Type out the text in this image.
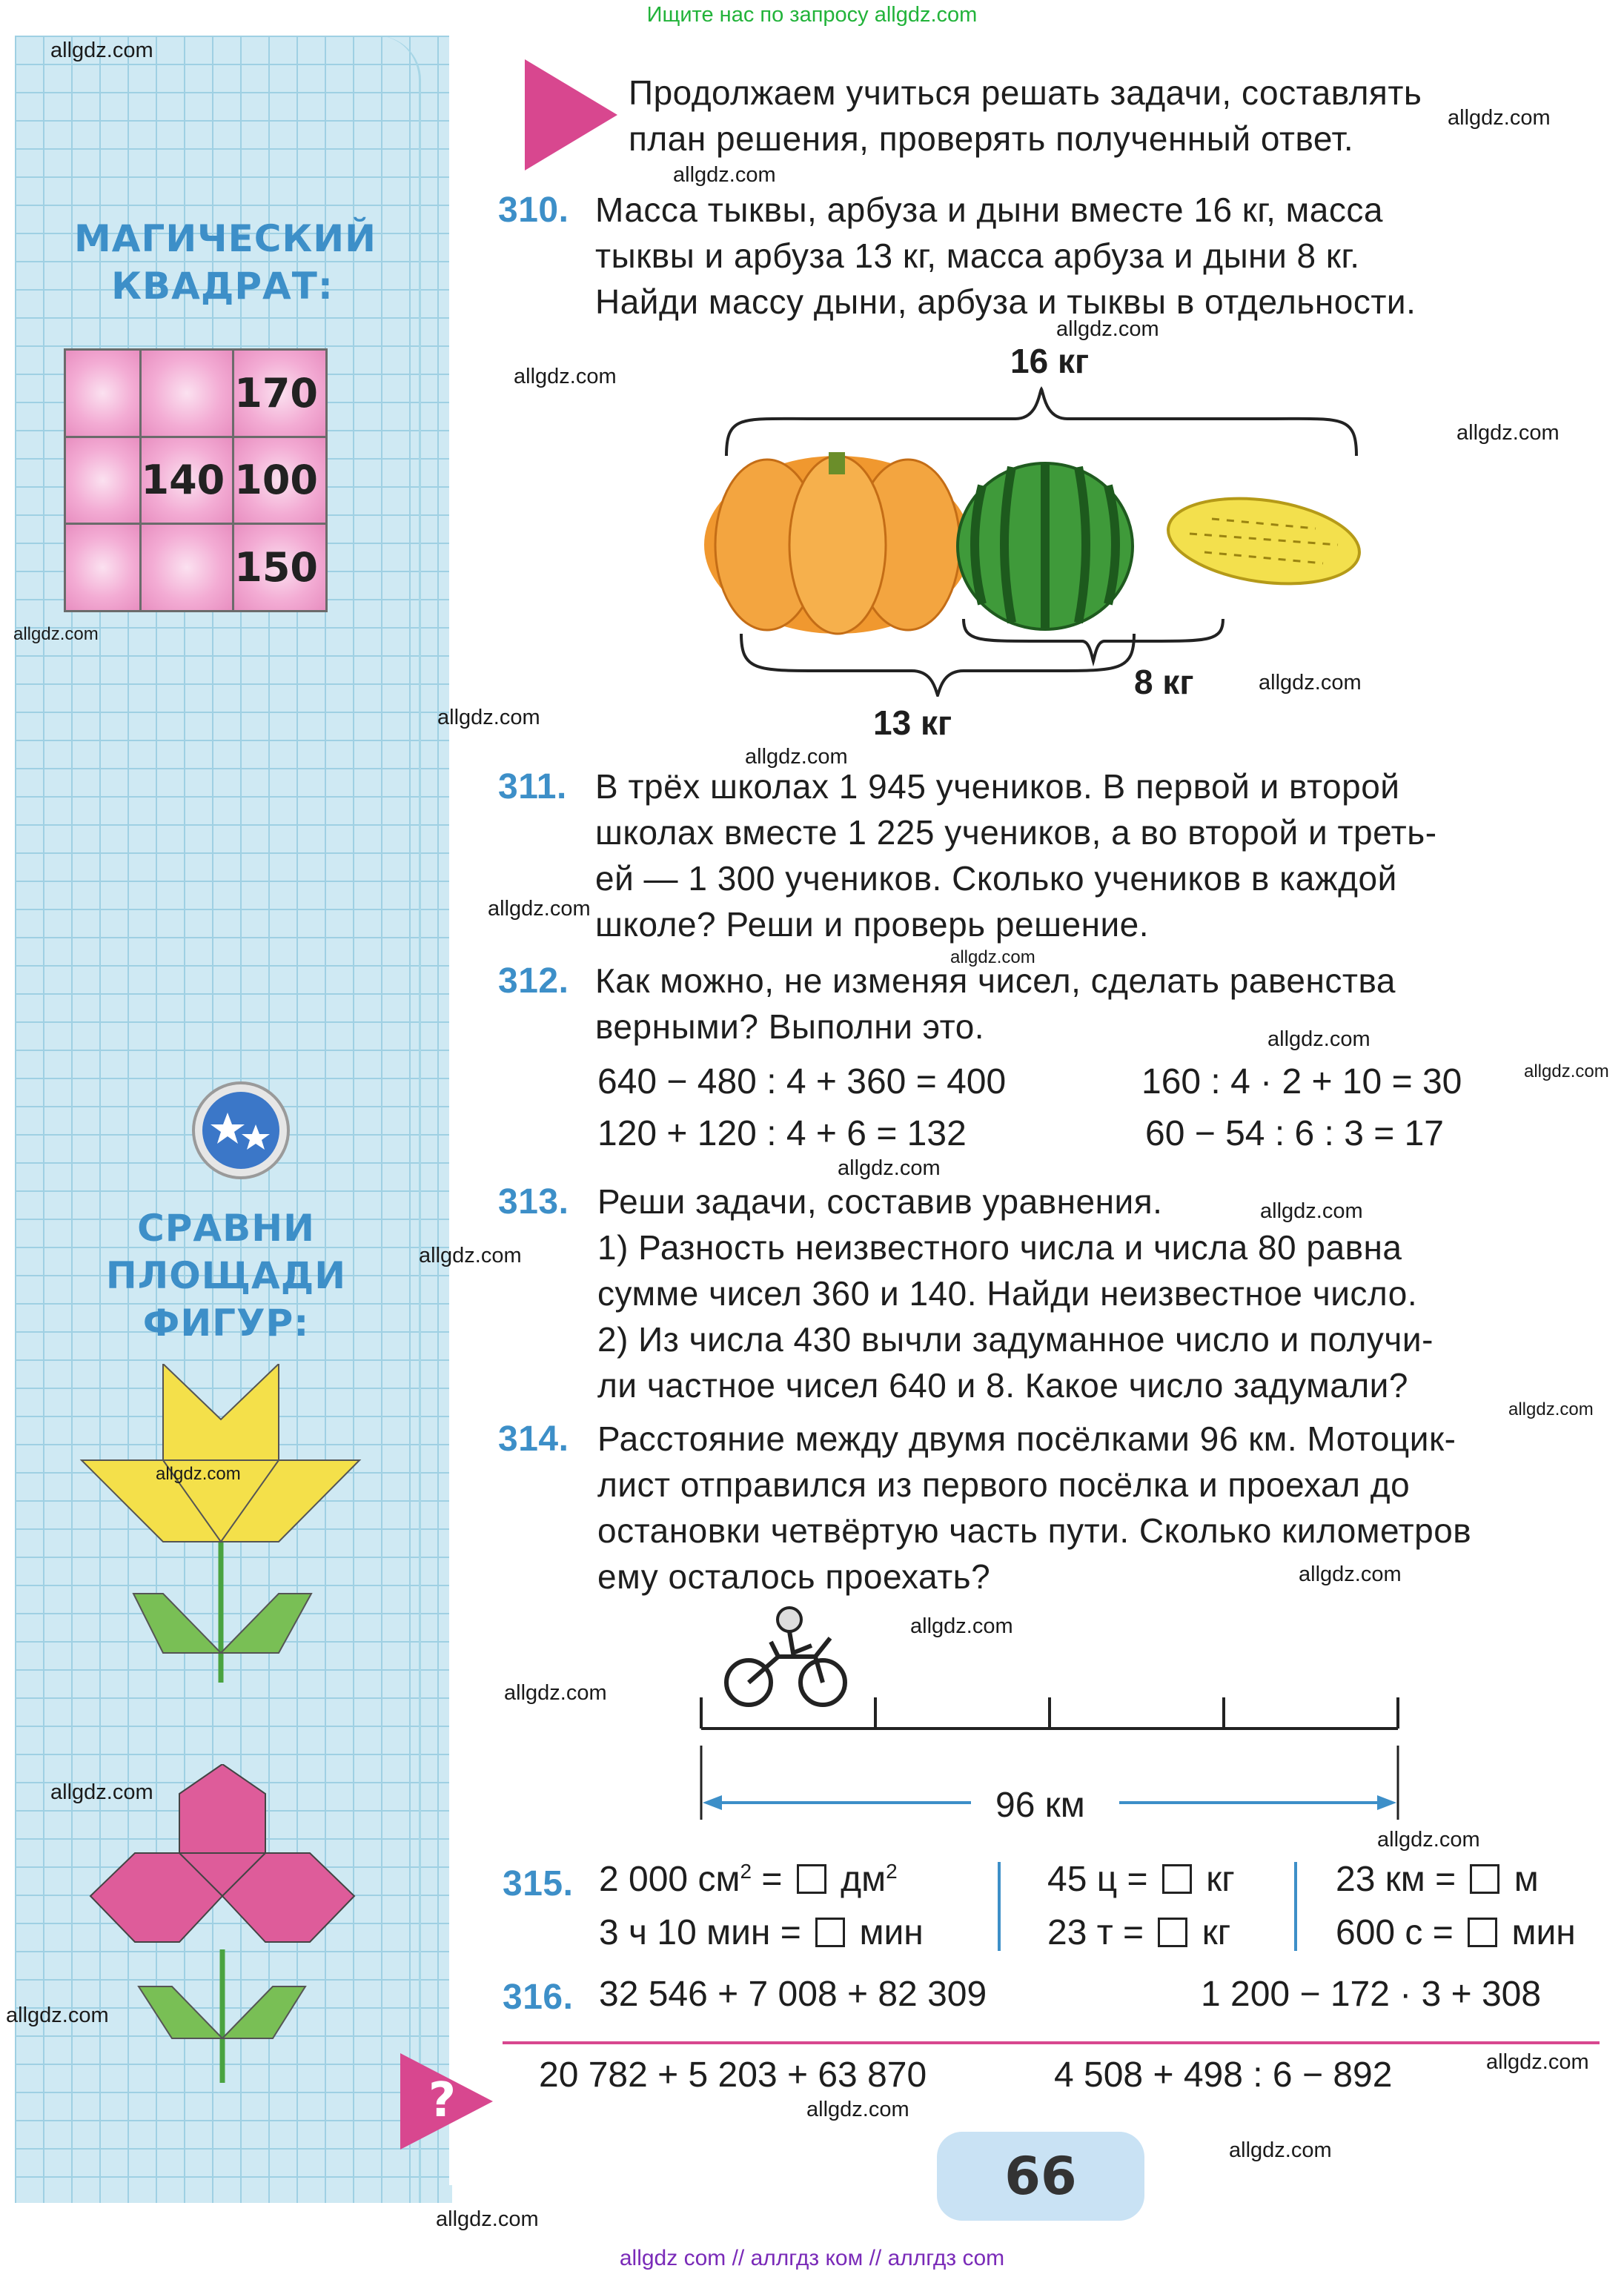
Ищите нас по запросу allgdz.com
МАГИЧЕСКИЙ
КВАДРАТ:
170
140 100
150
СРАВНИ
ПЛОЩАДИ
ФИГУР:
Продолжаем учиться решать задачи, составлять
план решения, проверять полученный ответ.
310. Масса тыквы, арбуза и дыни вместе 16 кг, масса
тыквы и арбуза 13 кг, масса арбуза и дыни 8 кг.
Найди массу дыни, арбуза и тыквы в отдельности.
16 кг
8 кг
13 кг
311. В трёх школах 1 945 учеников. В первой и второй
школах вместе 1 225 учеников, а во второй и треть-
ей — 1 300 учеников. Сколько учеников в каждой
школе? Реши и проверь решение.
312. Как можно, не изменяя чисел, сделать равенства
верными? Выполни это.
640 − 480 : 4 + 360 = 400
120 + 120 : 4 + 6 = 132
160 : 4 · 2 + 10 = 30
60 − 54 : 6 : 3 = 17
313. Реши задачи, составив уравнения.
1) Разность неизвестного числа и числа 80 равна
сумме чисел 360 и 140. Найди неизвестное число.
2) Из числа 430 вычли задуманное число и получи-
ли частное чисел 640 и 8. Какое число задумали?
314. Расстояние между двумя посёлками 96 км. Мотоцик-
лист отправился из первого посёлка и проехал до
остановки четвёртую часть пути. Сколько километров
ему осталось проехать?
96 км
315. 2 000 $см^2 = дм^2$
3 ч 10 мин = мин
45 ц = кг
23 т = кг
23 км = м
600 с = мин
316. 32 546 + 7 008 + 82 309	1 200 − 172 · 3 + 308
? 20 782 + 5 203 + 63 870	4 508 + 498 : 6 − 892
66
allgdz.com
allgdz.com
allgdz.com
allgdz.com
allgdz.com
allgdz.com
allgdz.com
allgdz.com
allgdz.com
allgdz.com
allgdz.com
allgdz.com
allgdz.com
allgdz.com
allgdz.com
allgdz.com
allgdz.com
allgdz.com
allgdz.com
allgdz.com
allgdz.com
allgdz.com
allgdz.com
allgdz.com
allgdz.com
allgdz.com
allgdz.com
allgdz.com
allgdz.com
allgdz com // аллгдз ком // аллгдз com
